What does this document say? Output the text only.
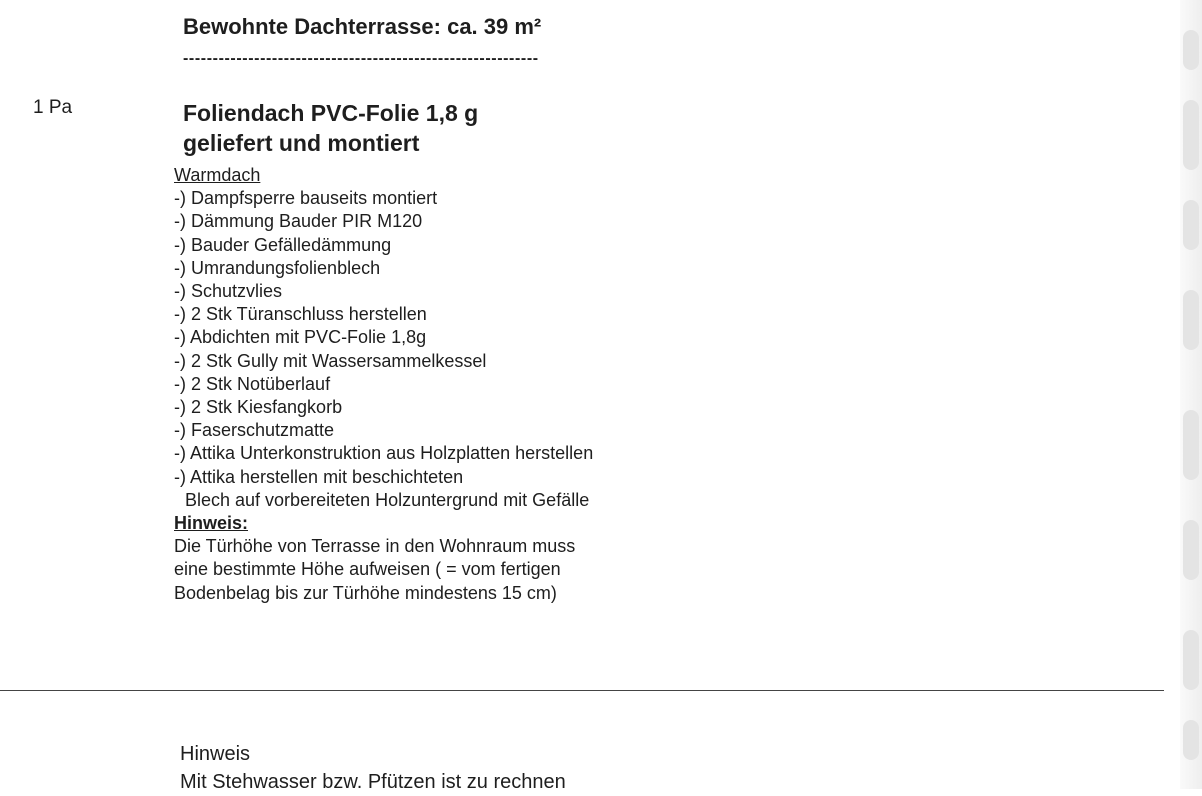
Bewohnte Dachterrasse: ca. 39 m²
------------------------------------------------------------
1 Pa	Foliendach PVC-Folie 1,8 g
geliefert und montiert
Warmdach
-) Dampfsperre bauseits montiert
-) Dämmung Bauder PIR M120
-) Bauder Gefälledämmung
-) Umrandungsfolienblech
-) Schutzvlies
-) 2 Stk Türanschluss herstellen
-) Abdichten mit PVC-Folie 1,8g
-) 2 Stk Gully mit Wassersammelkessel
-) 2 Stk Notüberlauf
-) 2 Stk Kiesfangkorb
-) Faserschutzmatte
-) Attika Unterkonstruktion aus Holzplatten herstellen
-) Attika herstellen mit beschichteten
Blech auf vorbereiteten Holzuntergrund mit Gefälle
Hinweis:
Die Türhöhe von Terrasse in den Wohnraum muss
eine bestimmte Höhe aufweisen ( = vom fertigen
Bodenbelag bis zur Türhöhe mindestens 15 cm)
Hinweis
Mit Stehwasser bzw. Pfützen ist zu rechnen
